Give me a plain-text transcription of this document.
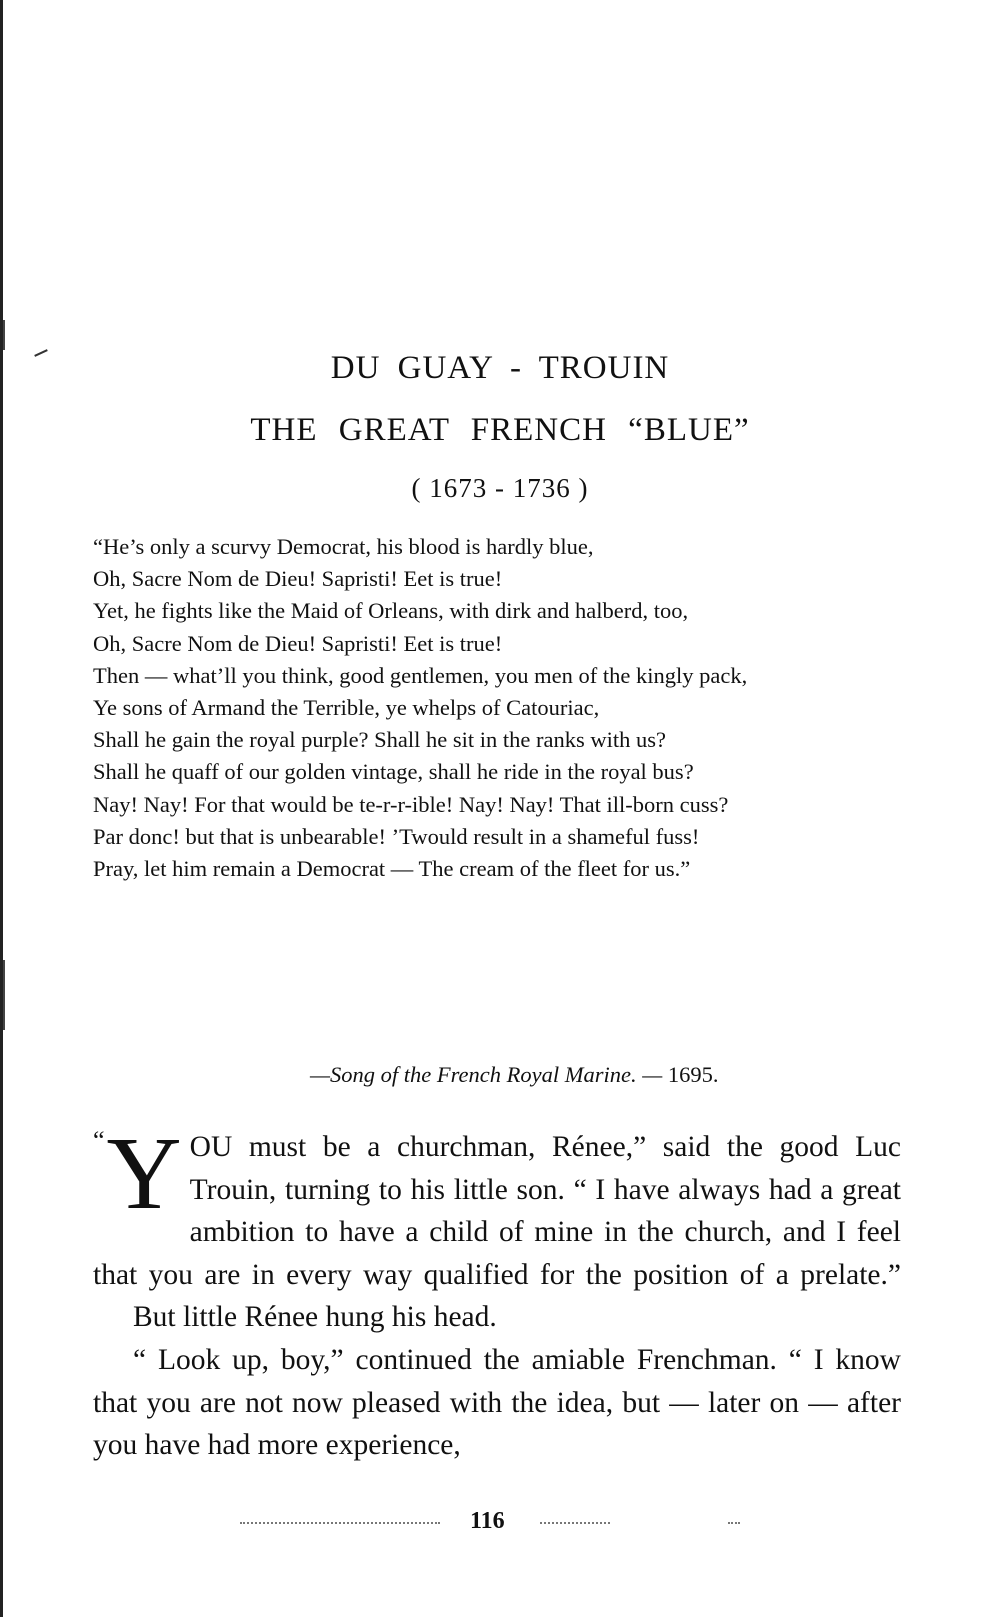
DU GUAY - TROUIN
THE GREAT FRENCH “BLUE”
( 1673 - 1736 )
“He’s only a scurvy Democrat, his blood is hardly blue,
Oh, Sacre Nom de Dieu! Sapristi! Eet is true!
Yet, he fights like the Maid of Orleans, with dirk and halberd, too,
Oh, Sacre Nom de Dieu! Sapristi! Eet is true!
Then — what’ll you think, good gentlemen, you men of the kingly pack,
Ye sons of Armand the Terrible, ye whelps of Catouriac,
Shall he gain the royal purple? Shall he sit in the ranks with us?
Shall he quaff of our golden vintage, shall he ride in the royal bus?
Nay! Nay! For that would be te-r-r-ible! Nay! Nay! That ill-born cuss?
Par donc! but that is unbearable! ’Twould result in a shameful fuss!
Pray, let him remain a Democrat — The cream of the fleet for us.”
—Song of the French Royal Marine. — 1695.

“ Y OU must be a churchman, Rénee,” said the good Luc Trouin, turning to his little son. “ I have always had a great ambition to have a child of mine in the church, and I feel that you are in every way qualified for the position of a prelate.”

But little Rénee hung his head.

“ Look up, boy,” continued the amiable Frenchman. “ I know that you are not now pleased with the idea, but — later on — after you have had more experience,

116
